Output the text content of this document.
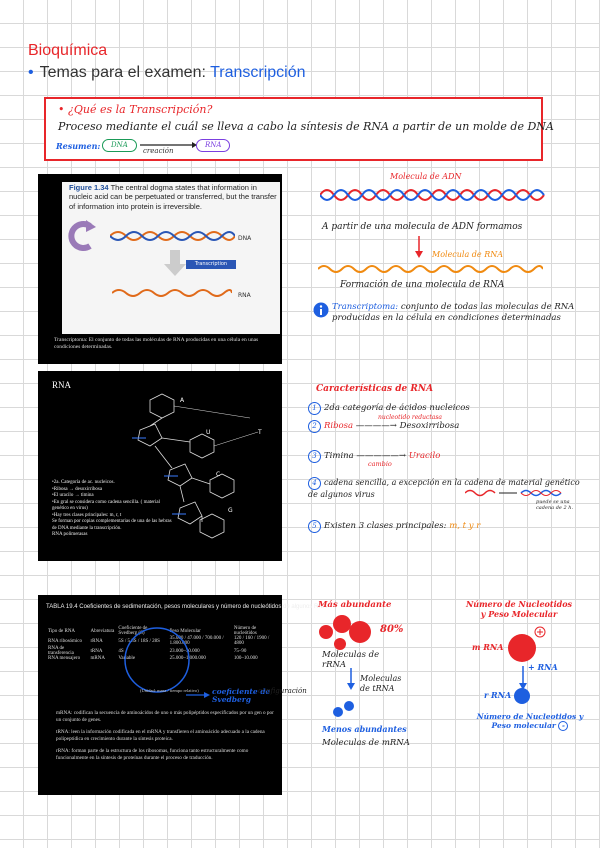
Bioquímica
• Temas para el examen: Transcripción
• ¿Qué es la Transcripción?
Proceso mediante el cuál se lleva a cabo la síntesis de RNA a partir de un molde de DNA
Resumen:	DNA	RNA
creación
Figure 1.34 The central dogma states that information in nucleic acid can be perpetuated or transferred, but the transfer of information into protein is irreversible.
DNA
Transcription
RNA
Transcriptoma: El conjunto de todas las moléculas de RNA producidas en una célula en unas condiciones determinadas.
Molecula de ADN
A partir de una molecula de ADN formamos
Molecula de RNA
Formación de una molecula de RNA
Transcriptoma: conjunto de todas las moleculas de RNA producidas en la célula en condiciones determinadas
RNA
A
U
C
G
T
•2a. Categoría de ac. nucleicos.
•Ribosa → desoxirribosa
•El uracilo → timina
•En gral se considera como cadena sencilla. ( material genético en virus)
•Hay tres clases principales: m, r, t
Se forman por copias complementarias de una de las hebras de DNA mediante la transcripción.
RNA polimerasas
Características de RNA
1 2da categoría de ácidos nucleicos
2 Ribosa ————→ Desoxirribosa
nucleotido reductasa
3 Timina —————→ Uracilo
cambio
4 cadena sencilla, a excepción en la cadena de material genético de algunos virus
puede se una cadena de 2 h.
5 Existen 3 clases principales: m, t y r
TABLA 19.4 Coeficientes de sedimentación, pesos moleculares y número de nucleótidos de algunos RNA
Tipo de RNA	Abreviatura	Coeficiente de Svedberg (S)	Peso Molecular	Número de nucleótidos
RNA ribosómico	rRNA	5S / 5.8S / 18S / 28S	35.000 / 47.000 / 700.000 / 1.800.000	120 / 160 / 1900 / 4800
RNA de transferencia	tRNA	4S	23.000–30.000	75–90
RNA mensajero	mRNA	Variable	25.000–1.000.000	100–10.000
(Unidad: masa / tiempo relativo)

mRNA: codifican la secuencia de aminoácidos de uno o más polipéptidos especificados por un gen o por un conjunto de genes.

tRNA: leen la información codificada en el mRNA y transfieren el aminoácido adecuado a la cadena polipeptídica en crecimiento durante la síntesis proteica.

rRNA: forman parte de la estructura de los ribosomas, funciona tanto estructuralmente como funcionalmente en la síntesis de proteínas durante el proceso de traducción.

coeficiente de Svedberg
configuración
Más abundante
80%
Moleculas de rRNA
Moleculas de tRNA
Menos abundantes
Moleculas de mRNA
Número de Nucleotidos y Peso Molecular
m RNA
+ RNA
r RNA
Número de Nucleotidos y Peso molecular -
